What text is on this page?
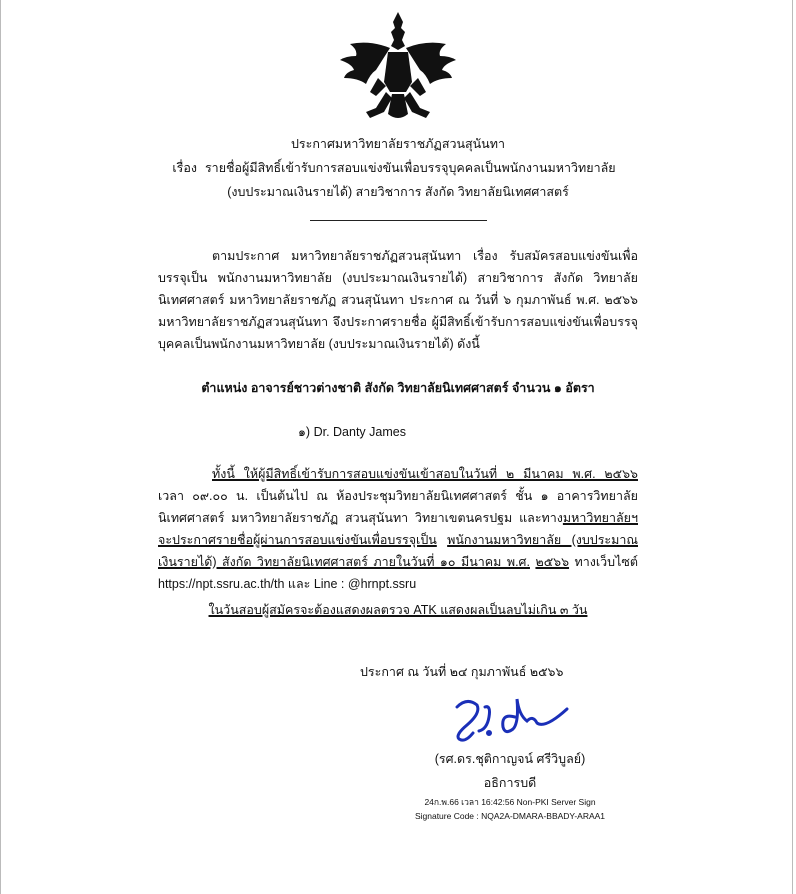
ประกาศมหาวิทยาลัยราชภัฏสวนสุนันทา

เรื่อง รายชื่อผู้มีสิทธิ์เข้ารับการสอบแข่งขันเพื่อบรรจุบุคคลเป็นพนักงานมหาวิทยาลัย

(งบประมาณเงินรายได้) สายวิชาการ สังกัด วิทยาลัยนิเทศศาสตร์

ตามประกาศ มหาวิทยาลัยราชภัฏสวนสุนันทา เรื่อง รับสมัครสอบแข่งขันเพื่อบรรจุเป็น พนักงานมหาวิทยาลัย (งบประมาณเงินรายได้) สายวิชาการ สังกัด วิทยาลัยนิเทศศาสตร์ มหาวิทยาลัยราชภัฏ สวนสุนันทา ประกาศ ณ วันที่ ๖ กุมภาพันธ์ พ.ศ. ๒๕๖๖ มหาวิทยาลัยราชภัฏสวนสุนันทา จึงประกาศรายชื่อ ผู้มีสิทธิ์เข้ารับการสอบแข่งขันเพื่อบรรจุบุคคลเป็นพนักงานมหาวิทยาลัย (งบประมาณเงินรายได้) ดังนี้

ตำแหน่ง อาจารย์ชาวต่างชาติ สังกัด วิทยาลัยนิเทศศาสตร์ จำนวน ๑ อัตรา

๑) Dr. Danty James

ทั้งนี้ ให้ผู้มีสิทธิ์เข้ารับการสอบแข่งขันเข้าสอบในวันที่ ๒ มีนาคม พ.ศ. ๒๕๖๖ เวลา ๐๙.๐๐ น. เป็นต้นไป ณ ห้องประชุมวิทยาลัยนิเทศศาสตร์ ชั้น ๑ อาคารวิทยาลัยนิเทศศาสตร์ มหาวิทยาลัยราชภัฏ สวนสุนันทา วิทยาเขตนครปฐม และทางมหาวิทยาลัยฯ จะประกาศรายชื่อผู้ผ่านการสอบแข่งขันเพื่อบรรจุเป็น พนักงานมหาวิทยาลัย (งบประมาณเงินรายได้) สังกัด วิทยาลัยนิเทศศาสตร์ ภายในวันที่ ๑๐ มีนาคม พ.ศ. ๒๕๖๖ ทางเว็บไซต์ https://npt.ssru.ac.th/th และ Line : @hrnpt.ssru

ในวันสอบผู้สมัครจะต้องแสดงผลตรวจ ATK แสดงผลเป็นลบไม่เกิน ๓ วัน

ประกาศ ณ วันที่ ๒๔ กุมภาพันธ์ ๒๕๖๖
(รศ.ดร.ชุติกาญจน์ ศรีวิบูลย์)
อธิการบดี
24ก.พ.66 เวลา 16:42:56 Non-PKI Server Sign
Signature Code : NQA2A-DMARA-BBADY-ARAA1
